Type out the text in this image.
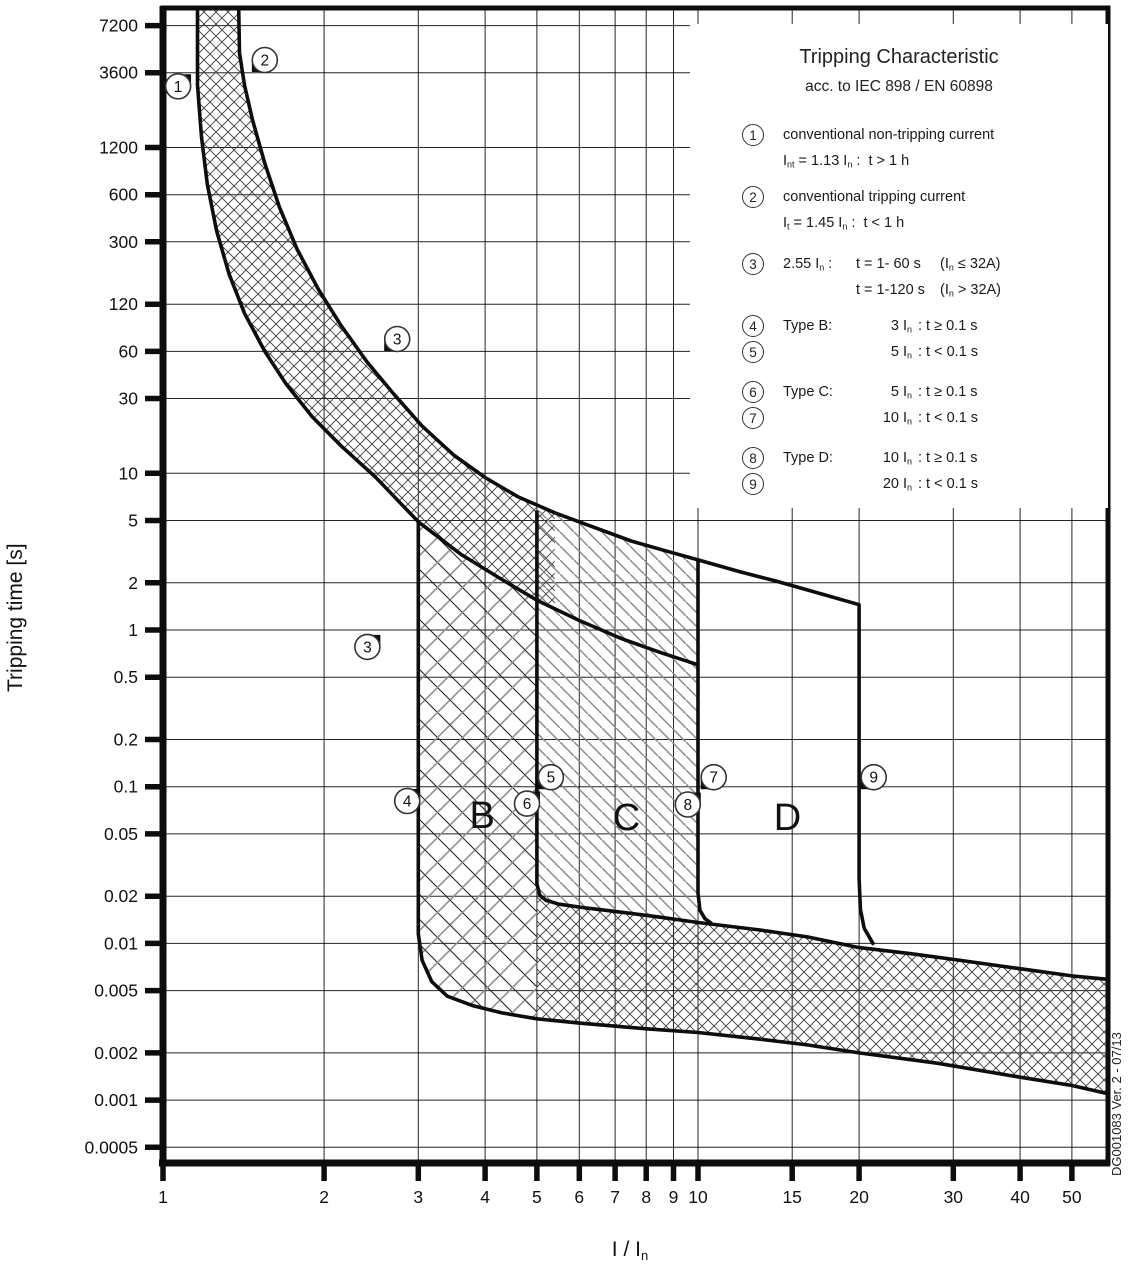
1	2	3	4 5 6 7 8 9 10	15	20	30	40 50
7200
3600
1200
600
300
120
60
30
10
5
2
1
0.5
0.2
0.1
0.05
0.02
0.01
0.005
0.002
0.001
0.0005
B	C	D
1
2
3
3
4
5
6
7
8
9
Tripping Characteristic
acc. to IEC 898 / EN 60898
1	conventional non-tripping current
$I_{nt} = 1.13$ $I_n$ :  t > 1 h
2	conventional tripping current
$I_t = 1.45$ $I_n$ :  t < 1 h
3	2.55 $I_n$ : t = 1- 60 s $(I_n \le 32A)$
t = 1-120 s $(I_n > 32A)$
4	Type B:	3 $I_n$ : t ≥ 0.1 s
5	5 $I_n$ : t < 0.1 s
6	Type C:	5 $I_n$ : t ≥ 0.1 s
7	10 $I_n$ : t < 0.1 s
8	Type D:	10 $I_n$ : t ≥ 0.1 s
9	20 $I_n$ : t < 0.1 s
Tripping time [s]
I / $I_n$
DG001083 Ver. 2 - 07/13
